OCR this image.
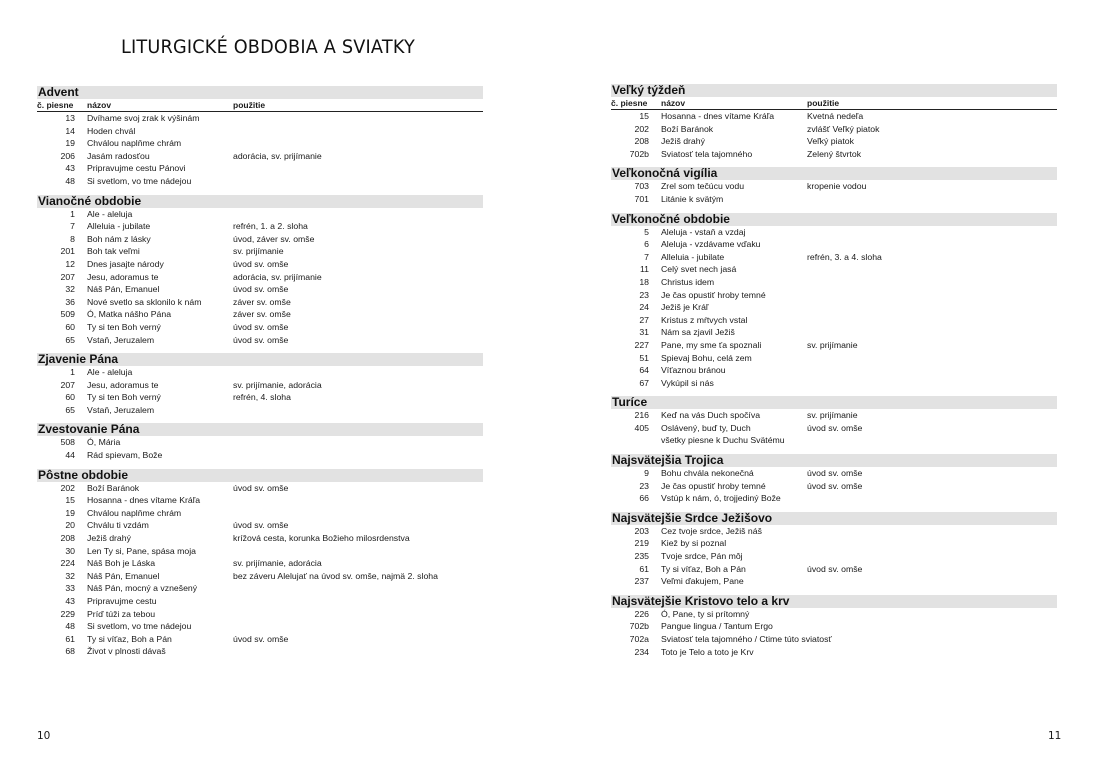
LITURGICKÉ OBDOBIA A SVIATKY
Advent
č. piesne	názov	použitie
13	Dvíhame svoj zrak k výšinám
14	Hoden chvál
19	Chválou naplňme chrám
206	Jasám radosťou	adorácia, sv. prijímanie
43	Pripravujme cestu Pánovi
48	Si svetlom, vo tme nádejou
Vianočné obdobie
1	Ale - aleluja
7	Alleluia - jubilate	refrén, 1. a 2. sloha
8	Boh nám z lásky	úvod, záver sv. omše
201	Boh tak veľmi	sv. prijímanie
12	Dnes jasajte národy	úvod sv. omše
207	Jesu, adoramus te	adorácia, sv. prijímanie
32	Náš Pán, Emanuel	úvod sv. omše
36	Nové svetlo sa sklonilo k nám	záver sv. omše
509	Ó, Matka nášho Pána	záver sv. omše
60	Ty si ten Boh verný	úvod sv. omše
65	Vstaň, Jeruzalem	úvod sv. omše
Zjavenie Pána
1	Ale - aleluja
207	Jesu, adoramus te	sv. prijímanie, adorácia
60	Ty si ten Boh verný	refrén, 4. sloha
65	Vstaň, Jeruzalem
Zvestovanie Pána
508	Ó, Mária
44	Rád spievam, Bože
Pôstne obdobie
202	Boží Baránok	úvod sv. omše
15	Hosanna - dnes vítame Kráľa
19	Chválou naplňme chrám
20	Chválu ti vzdám	úvod sv. omše
208	Ježiš drahý	krížová cesta, korunka Božieho milosrdenstva
30	Len Ty si, Pane, spása moja
224	Náš Boh je Láska	sv. prijímanie, adorácia
32	Náš Pán, Emanuel	bez záveru Alelujať na úvod sv. omše, najmä 2. sloha
33	Náš Pán, mocný a vznešený
43	Pripravujme cestu
229	Príď túži za tebou
48	Si svetlom, vo tme nádejou
61	Ty si víťaz, Boh a Pán	úvod sv. omše
68	Život v plnosti dávaš
Veľký týždeň
č. piesne	názov	použitie
15	Hosanna - dnes vítame Kráľa	Kvetná nedeľa
202	Boží Baránok	zvlášť Veľký piatok
208	Ježiš drahý	Veľký piatok
702b	Sviatosť tela tajomného	Zelený štvrtok
Veľkonočná vigília
703	Zrel som tečúcu vodu	kropenie vodou
701	Litánie k svätým
Veľkonočné obdobie
5	Aleluja - vstaň a vzdaj
6	Aleluja - vzdávame vďaku
7	Alleluia - jubilate	refrén, 3. a 4. sloha
11	Celý svet nech jasá
18	Christus idem
23	Je čas opustiť hroby temné
24	Ježiš je Kráľ
27	Kristus z mŕtvych vstal
31	Nám sa zjavil Ježiš
227	Pane, my sme ťa spoznali	sv. prijímanie
51	Spievaj Bohu, celá zem
64	Víťaznou bránou
67	Vykúpil si nás
Turíce
216	Keď na vás Duch spočíva	sv. prijímanie
405	Oslávený, buď ty, Duch	úvod sv. omše
všetky piesne k Duchu Svätému
Najsvätejšia Trojica
9	Bohu chvála nekonečná	úvod sv. omše
23	Je čas opustiť hroby temné	úvod sv. omše
66	Vstúp k nám, ó, trojjediný Bože
Najsvätejšie Srdce Ježišovo
203	Cez tvoje srdce, Ježiš náš
219	Kiež by si poznal
235	Tvoje srdce, Pán môj
61	Ty si víťaz, Boh a Pán	úvod sv. omše
237	Veľmi ďakujem, Pane
Najsvätejšie Kristovo telo a krv
226	Ó, Pane, ty si prítomný
702b	Pangue lingua / Tantum Ergo
702a	Sviatosť tela tajomného / Ctime túto sviatosť
234	Toto je Telo a toto je Krv
10	11
